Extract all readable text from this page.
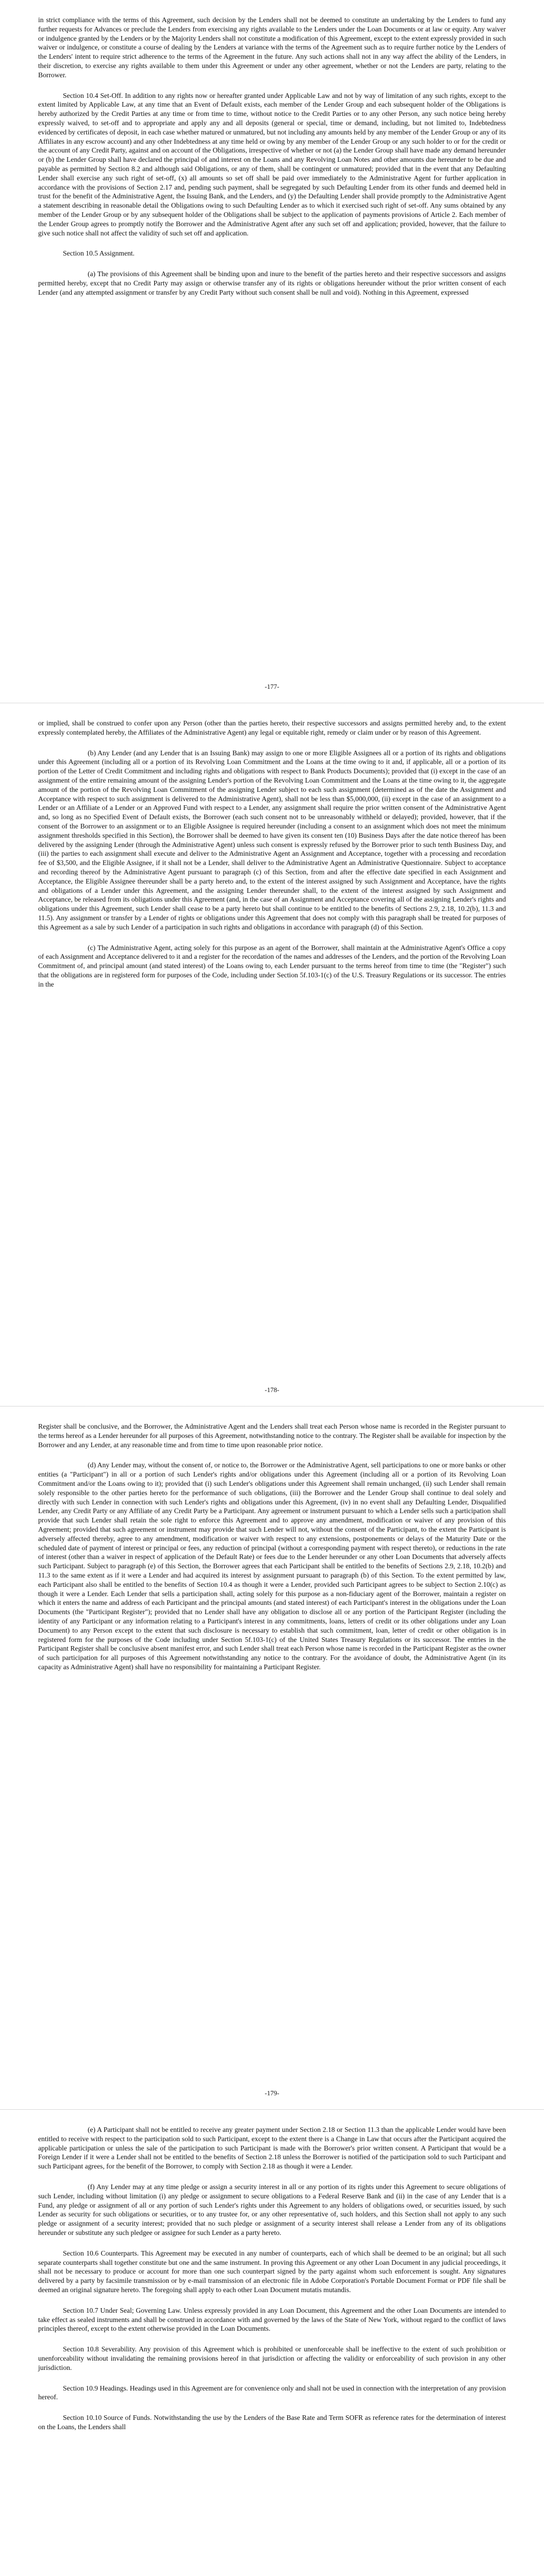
in strict compliance with the terms of this Agreement, such decision by the Lenders shall not be deemed to constitute an undertaking by the Lenders to fund any further requests for Advances or preclude the Lenders from exercising any rights available to the Lenders under the Loan Documents or at law or equity. Any waiver or indulgence granted by the Lenders or by the Majority Lenders shall not constitute a modification of this Agreement, except to the extent expressly provided in such waiver or indulgence, or constitute a course of dealing by the Lenders at variance with the terms of the Agreement such as to require further notice by the Lenders of the Lenders' intent to require strict adherence to the terms of the Agreement in the future. Any such actions shall not in any way affect the ability of the Lenders, in their discretion, to exercise any rights available to them under this Agreement or under any other agreement, whether or not the Lenders are party, relating to the Borrower.

Section 10.4 Set-Off. In addition to any rights now or hereafter granted under Applicable Law and not by way of limitation of any such rights, except to the extent limited by Applicable Law, at any time that an Event of Default exists, each member of the Lender Group and each subsequent holder of the Obligations is hereby authorized by the Credit Parties at any time or from time to time, without notice to the Credit Parties or to any other Person, any such notice being hereby expressly waived, to set-off and to appropriate and apply any and all deposits (general or special, time or demand, including, but not limited to, Indebtedness evidenced by certificates of deposit, in each case whether matured or unmatured, but not including any amounts held by any member of the Lender Group or any of its Affiliates in any escrow account) and any other Indebtedness at any time held or owing by any member of the Lender Group or any such holder to or for the credit or the account of any Credit Party, against and on account of the Obligations, irrespective of whether or not (a) the Lender Group shall have made any demand hereunder or (b) the Lender Group shall have declared the principal of and interest on the Loans and any Revolving Loan Notes and other amounts due hereunder to be due and payable as permitted by Section 8.2 and although said Obligations, or any of them, shall be contingent or unmatured; provided that in the event that any Defaulting Lender shall exercise any such right of set-off, (x) all amounts so set off shall be paid over immediately to the Administrative Agent for further application in accordance with the provisions of Section 2.17 and, pending such payment, shall be segregated by such Defaulting Lender from its other funds and deemed held in trust for the benefit of the Administrative Agent, the Issuing Bank, and the Lenders, and (y) the Defaulting Lender shall provide promptly to the Administrative Agent a statement describing in reasonable detail the Obligations owing to such Defaulting Lender as to which it exercised such right of set-off. Any sums obtained by any member of the Lender Group or by any subsequent holder of the Obligations shall be subject to the application of payments provisions of Article 2. Each member of the Lender Group agrees to promptly notify the Borrower and the Administrative Agent after any such set off and application; provided, however, that the failure to give such notice shall not affect the validity of such set off and application.

Section 10.5 Assignment.

(a) The provisions of this Agreement shall be binding upon and inure to the benefit of the parties hereto and their respective successors and assigns permitted hereby, except that no Credit Party may assign or otherwise transfer any of its rights or obligations hereunder without the prior written consent of each Lender (and any attempted assignment or transfer by any Credit Party without such consent shall be null and void). Nothing in this Agreement, expressed

-177-

or implied, shall be construed to confer upon any Person (other than the parties hereto, their respective successors and assigns permitted hereby and, to the extent expressly contemplated hereby, the Affiliates of the Administrative Agent) any legal or equitable right, remedy or claim under or by reason of this Agreement.

(b) Any Lender (and any Lender that is an Issuing Bank) may assign to one or more Eligible Assignees all or a portion of its rights and obligations under this Agreement (including all or a portion of its Revolving Loan Commitment and the Loans at the time owing to it and, if applicable, all or a portion of its portion of the Letter of Credit Commitment and including rights and obligations with respect to Bank Products Documents); provided that (i) except in the case of an assignment of the entire remaining amount of the assigning Lender's portion of the Revolving Loan Commitment and the Loans at the time owing to it, the aggregate amount of the portion of the Revolving Loan Commitment of the assigning Lender subject to each such assignment (determined as of the date the Assignment and Acceptance with respect to such assignment is delivered to the Administrative Agent), shall not be less than $5,000,000, (ii) except in the case of an assignment to a Lender or an Affiliate of a Lender or an Approved Fund with respect to a Lender, any assignment shall require the prior written consent of the Administrative Agent and, so long as no Specified Event of Default exists, the Borrower (each such consent not to be unreasonably withheld or delayed); provided, however, that if the consent of the Borrower to an assignment or to an Eligible Assignee is required hereunder (including a consent to an assignment which does not meet the minimum assignment thresholds specified in this Section), the Borrower shall be deemed to have given its consent ten (10) Business Days after the date notice thereof has been delivered by the assigning Lender (through the Administrative Agent) unless such consent is expressly refused by the Borrower prior to such tenth Business Day, and (iii) the parties to each assignment shall execute and deliver to the Administrative Agent an Assignment and Acceptance, together with a processing and recordation fee of $3,500, and the Eligible Assignee, if it shall not be a Lender, shall deliver to the Administrative Agent an Administrative Questionnaire. Subject to acceptance and recording thereof by the Administrative Agent pursuant to paragraph (c) of this Section, from and after the effective date specified in each Assignment and Acceptance, the Eligible Assignee thereunder shall be a party hereto and, to the extent of the interest assigned by such Assignment and Acceptance, have the rights and obligations of a Lender under this Agreement, and the assigning Lender thereunder shall, to the extent of the interest assigned by such Assignment and Acceptance, be released from its obligations under this Agreement (and, in the case of an Assignment and Acceptance covering all of the assigning Lender's rights and obligations under this Agreement, such Lender shall cease to be a party hereto but shall continue to be entitled to the benefits of Sections 2.9, 2.18, 10.2(b), 11.3 and 11.5). Any assignment or transfer by a Lender of rights or obligations under this Agreement that does not comply with this paragraph shall be treated for purposes of this Agreement as a sale by such Lender of a participation in such rights and obligations in accordance with paragraph (d) of this Section.

(c) The Administrative Agent, acting solely for this purpose as an agent of the Borrower, shall maintain at the Administrative Agent's Office a copy of each Assignment and Acceptance delivered to it and a register for the recordation of the names and addresses of the Lenders, and the portion of the Revolving Loan Commitment of, and principal amount (and stated interest) of the Loans owing to, each Lender pursuant to the terms hereof from time to time (the "Register") such that the obligations are in registered form for purposes of the Code, including under Section 5f.103-1(c) of the U.S. Treasury Regulations or its successor. The entries in the

-178-

Register shall be conclusive, and the Borrower, the Administrative Agent and the Lenders shall treat each Person whose name is recorded in the Register pursuant to the terms hereof as a Lender hereunder for all purposes of this Agreement, notwithstanding notice to the contrary. The Register shall be available for inspection by the Borrower and any Lender, at any reasonable time and from time to time upon reasonable prior notice.

(d) Any Lender may, without the consent of, or notice to, the Borrower or the Administrative Agent, sell participations to one or more banks or other entities (a "Participant") in all or a portion of such Lender's rights and/or obligations under this Agreement (including all or a portion of its Revolving Loan Commitment and/or the Loans owing to it); provided that (i) such Lender's obligations under this Agreement shall remain unchanged, (ii) such Lender shall remain solely responsible to the other parties hereto for the performance of such obligations, (iii) the Borrower and the Lender Group shall continue to deal solely and directly with such Lender in connection with such Lender's rights and obligations under this Agreement, (iv) in no event shall any Defaulting Lender, Disqualified Lender, any Credit Party or any Affiliate of any Credit Party be a Participant. Any agreement or instrument pursuant to which a Lender sells such a participation shall provide that such Lender shall retain the sole right to enforce this Agreement and to approve any amendment, modification or waiver of any provision of this Agreement; provided that such agreement or instrument may provide that such Lender will not, without the consent of the Participant, to the extent the Participant is adversely affected thereby, agree to any amendment, modification or waiver with respect to any extensions, postponements or delays of the Maturity Date or the scheduled date of payment of interest or principal or fees, any reduction of principal (without a corresponding payment with respect thereto), or reductions in the rate of interest (other than a waiver in respect of application of the Default Rate) or fees due to the Lender hereunder or any other Loan Documents that adversely affects such Participant. Subject to paragraph (e) of this Section, the Borrower agrees that each Participant shall be entitled to the benefits of Sections 2.9, 2.18, 10.2(b) and 11.3 to the same extent as if it were a Lender and had acquired its interest by assignment pursuant to paragraph (b) of this Section. To the extent permitted by law, each Participant also shall be entitled to the benefits of Section 10.4 as though it were a Lender, provided such Participant agrees to be subject to Section 2.10(c) as though it were a Lender. Each Lender that sells a participation shall, acting solely for this purpose as a non-fiduciary agent of the Borrower, maintain a register on which it enters the name and address of each Participant and the principal amounts (and stated interest) of each Participant's interest in the obligations under the Loan Documents (the "Participant Register"); provided that no Lender shall have any obligation to disclose all or any portion of the Participant Register (including the identity of any Participant or any information relating to a Participant's interest in any commitments, loans, letters of credit or its other obligations under any Loan Document) to any Person except to the extent that such disclosure is necessary to establish that such commitment, loan, letter of credit or other obligation is in registered form for the purposes of the Code including under Section 5f.103-1(c) of the United States Treasury Regulations or its successor. The entries in the Participant Register shall be conclusive absent manifest error, and such Lender shall treat each Person whose name is recorded in the Participant Register as the owner of such participation for all purposes of this Agreement notwithstanding any notice to the contrary. For the avoidance of doubt, the Administrative Agent (in its capacity as Administrative Agent) shall have no responsibility for maintaining a Participant Register.

-179-

(e) A Participant shall not be entitled to receive any greater payment under Section 2.18 or Section 11.3 than the applicable Lender would have been entitled to receive with respect to the participation sold to such Participant, except to the extent there is a Change in Law that occurs after the Participant acquired the applicable participation or unless the sale of the participation to such Participant is made with the Borrower's prior written consent. A Participant that would be a Foreign Lender if it were a Lender shall not be entitled to the benefits of Section 2.18 unless the Borrower is notified of the participation sold to such Participant and such Participant agrees, for the benefit of the Borrower, to comply with Section 2.18 as though it were a Lender.

(f) Any Lender may at any time pledge or assign a security interest in all or any portion of its rights under this Agreement to secure obligations of such Lender, including without limitation (i) any pledge or assignment to secure obligations to a Federal Reserve Bank and (ii) in the case of any Lender that is a Fund, any pledge or assignment of all or any portion of such Lender's rights under this Agreement to any holders of obligations owed, or securities issued, by such Lender as security for such obligations or securities, or to any trustee for, or any other representative of, such holders, and this Section shall not apply to any such pledge or assignment of a security interest; provided that no such pledge or assignment of a security interest shall release a Lender from any of its obligations hereunder or substitute any such pledgee or assignee for such Lender as a party hereto.

Section 10.6 Counterparts. This Agreement may be executed in any number of counterparts, each of which shall be deemed to be an original; but all such separate counterparts shall together constitute but one and the same instrument. In proving this Agreement or any other Loan Document in any judicial proceedings, it shall not be necessary to produce or account for more than one such counterpart signed by the party against whom such enforcement is sought. Any signatures delivered by a party by facsimile transmission or by e-mail transmission of an electronic file in Adobe Corporation's Portable Document Format or PDF file shall be deemed an original signature hereto. The foregoing shall apply to each other Loan Document mutatis mutandis.

Section 10.7 Under Seal; Governing Law. Unless expressly provided in any Loan Document, this Agreement and the other Loan Documents are intended to take effect as sealed instruments and shall be construed in accordance with and governed by the laws of the State of New York, without regard to the conflict of laws principles thereof, except to the extent otherwise provided in the Loan Documents.

Section 10.8 Severability. Any provision of this Agreement which is prohibited or unenforceable shall be ineffective to the extent of such prohibition or unenforceability without invalidating the remaining provisions hereof in that jurisdiction or affecting the validity or enforceability of such provision in any other jurisdiction.

Section 10.9 Headings. Headings used in this Agreement are for convenience only and shall not be used in connection with the interpretation of any provision hereof.

Section 10.10 Source of Funds. Notwithstanding the use by the Lenders of the Base Rate and Term SOFR as reference rates for the determination of interest on the Loans, the Lenders shall
